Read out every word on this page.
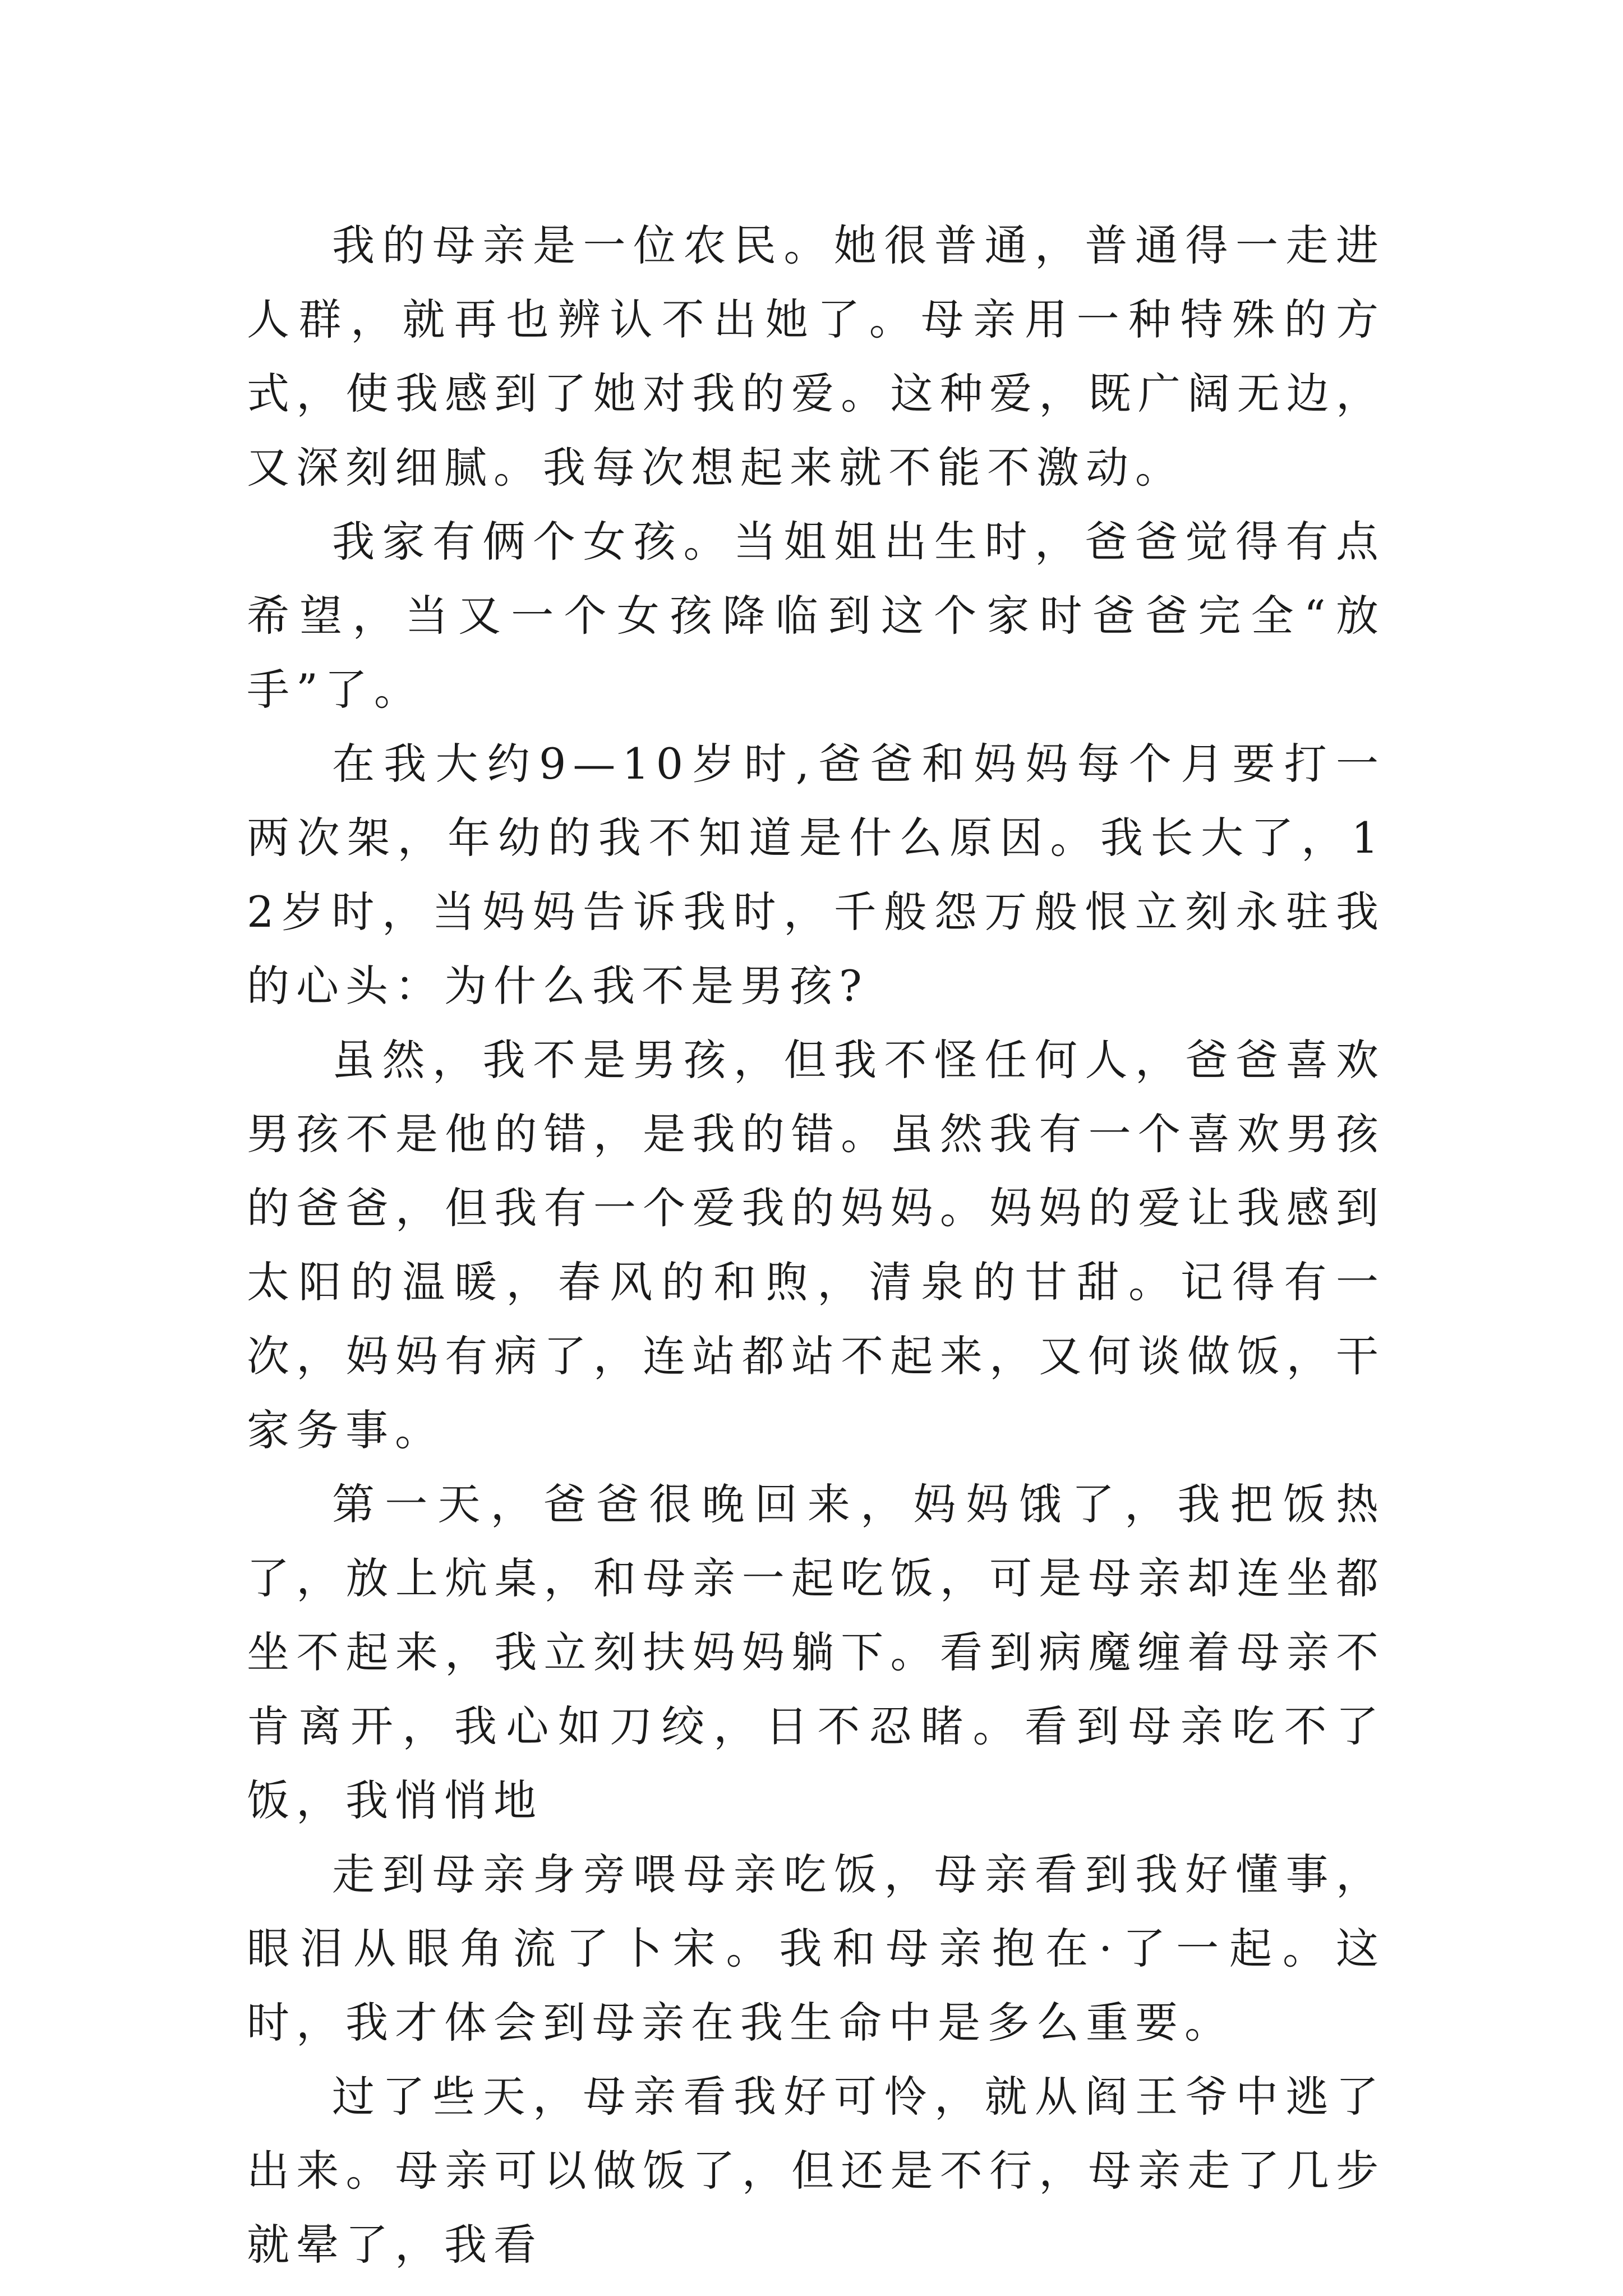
我的母亲是一位农民。她很普通，普通得一走进人群，就再也辨认不出她了。母亲用一种特殊的方式，使我感到了她对我的爱。这种爱，既广阔无边，又深刻细腻。我每次想起来就不能不激动。

我家有俩个女孩。当姐姐出生时，爸爸觉得有点希望，当又一个女孩降临到这个家时爸爸完全“放手”了。

在我大约9—10岁时,爸爸和妈妈每个月要打一两次架，年幼的我不知道是什么原因。我长大了，12岁时，当妈妈告诉我时，千般怨万般恨立刻永驻我的心头：为什么我不是男孩?

虽然，我不是男孩，但我不怪任何人，爸爸喜欢男孩不是他的错，是我的错。虽然我有一个喜欢男孩的爸爸，但我有一个爱我的妈妈。妈妈的爱让我感到太阳的温暖，春风的和煦，清泉的甘甜。记得有一次，妈妈有病了，连站都站不起来，又何谈做饭，干家务事。

第一天，爸爸很晚回来，妈妈饿了，我把饭热了，放上炕桌，和母亲一起吃饭，可是母亲却连坐都坐不起来，我立刻扶妈妈躺下。看到病魔缠着母亲不肯离开，我心如刀绞，日不忍睹。看到母亲吃不了饭，我悄悄地

走到母亲身旁喂母亲吃饭，母亲看到我好懂事，眼泪从眼角流了卜宋。我和母亲抱在·了一起。这时，我才体会到母亲在我生命中是多么重要。

过了些天，母亲看我好可怜，就从阎王爷中逃了出来。母亲可以做饭了，但还是不行，母亲走了几步就晕了，我看
